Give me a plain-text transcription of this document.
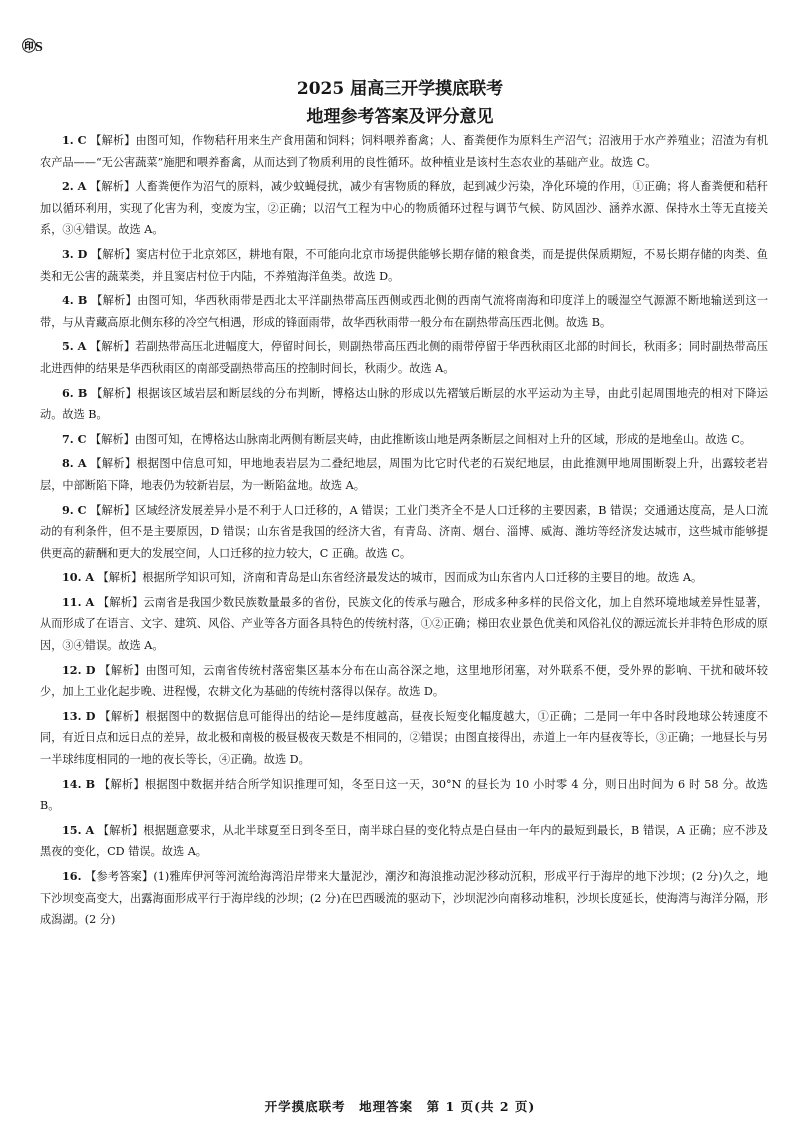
㊞S
2025 届高三开学摸底联考
地理参考答案及评分意见

1. C 【解析】由图可知，作物秸秆用来生产食用菌和饲料；饲料喂养畜禽；人、畜粪便作为原料生产沼气；沼液用于水产养殖业；沼渣为有机农产品——“无公害蔬菜”施肥和喂养畜禽，从而达到了物质利用的良性循环。故种植业是该村生态农业的基础产业。故选 C。

2. A 【解析】人畜粪便作为沼气的原料，减少蚊蝇侵扰，减少有害物质的释放，起到减少污染，净化环境的作用，①正确；将人畜粪便和秸秆加以循环利用，实现了化害为利，变废为宝，②正确；以沼气工程为中心的物质循环过程与调节气候、防风固沙、涵养水源、保持水土等无直接关系，③④错误。故选 A。

3. D 【解析】窦店村位于北京郊区，耕地有限，不可能向北京市场提供能够长期存储的粮食类，而是提供保质期短，不易长期存储的肉类、鱼类和无公害的蔬菜类，并且窦店村位于内陆，不养殖海洋鱼类。故选 D。

4. B 【解析】由图可知，华西秋雨带是西北太平洋副热带高压西侧或西北侧的西南气流将南海和印度洋上的暖湿空气源源不断地输送到这一带，与从青藏高原北侧东移的冷空气相遇，形成的锋面雨带，故华西秋雨带一般分布在副热带高压西北侧。故选 B。

5. A 【解析】若副热带高压北进幅度大，停留时间长，则副热带高压西北侧的雨带停留于华西秋雨区北部的时间长，秋雨多；同时副热带高压北进西伸的结果是华西秋雨区的南部受副热带高压的控制时间长，秋雨少。故选 A。

6. B 【解析】根据该区域岩层和断层线的分布判断，博格达山脉的形成以先褶皱后断层的水平运动为主导，由此引起周围地壳的相对下降运动。故选 B。

7. C 【解析】由图可知，在博格达山脉南北两侧有断层夹峙，由此推断该山地是两条断层之间相对上升的区域，形成的是地垒山。故选 C。

8. A 【解析】根据图中信息可知，甲地地表岩层为二叠纪地层，周围为比它时代老的石炭纪地层，由此推测甲地周围断裂上升，出露较老岩层，中部断陷下降，地表仍为较新岩层，为一断陷盆地。故选 A。

9. C 【解析】区域经济发展差异小是不利于人口迁移的，A 错误；工业门类齐全不是人口迁移的主要因素，B 错误；交通通达度高，是人口流动的有利条件，但不是主要原因，D 错误；山东省是我国的经济大省，有青岛、济南、烟台、淄博、威海、潍坊等经济发达城市，这些城市能够提供更高的薪酬和更大的发展空间，人口迁移的拉力较大，C 正确。故选 C。

10. A 【解析】根据所学知识可知，济南和青岛是山东省经济最发达的城市，因而成为山东省内人口迁移的主要目的地。故选 A。

11. A 【解析】云南省是我国少数民族数量最多的省份，民族文化的传承与融合，形成多种多样的民俗文化，加上自然环境地域差异性显著，从而形成了在语言、文字、建筑、风俗、产业等各方面各具特色的传统村落，①②正确；梯田农业景色优美和风俗礼仪的源远流长并非特色形成的原因，③④错误。故选 A。

12. D 【解析】由图可知，云南省传统村落密集区基本分布在山高谷深之地，这里地形闭塞，对外联系不便，受外界的影响、干扰和破坏较少，加上工业化起步晚、进程慢，农耕文化为基础的传统村落得以保存。故选 D。

13. D 【解析】根据图中的数据信息可能得出的结论—是纬度越高，昼夜长短变化幅度越大，①正确；二是同一年中各时段地球公转速度不同，有近日点和远日点的差异，故北极和南极的极昼极夜天数是不相同的，②错误；由图直接得出，赤道上一年内昼夜等长，③正确；一地昼长与另一半球纬度相同的一地的夜长等长，④正确。故选 D。

14. B 【解析】根据图中数据并结合所学知识推理可知，冬至日这一天，30°N 的昼长为 10 小时零 4 分，则日出时间为 6 时 58 分。故选 B。

15. A 【解析】根据题意要求，从北半球夏至日到冬至日，南半球白昼的变化特点是白昼由一年内的最短到最长，B 错误，A 正确；应不涉及黑夜的变化，CD 错误。故选 A。

16. 【参考答案】(1)雅库伊河等河流给海湾沿岸带来大量泥沙，潮汐和海浪推动泥沙移动沉积，形成平行于海岸的地下沙坝；(2 分)久之，地下沙坝变高变大，出露海面形成平行于海岸线的沙坝；(2 分)在巴西暖流的驱动下，沙坝泥沙向南移动堆积，沙坝长度延长，使海湾与海洋分隔，形成潟湖。(2 分)

开学摸底联考　地理答案　第 1 页(共 2 页)
